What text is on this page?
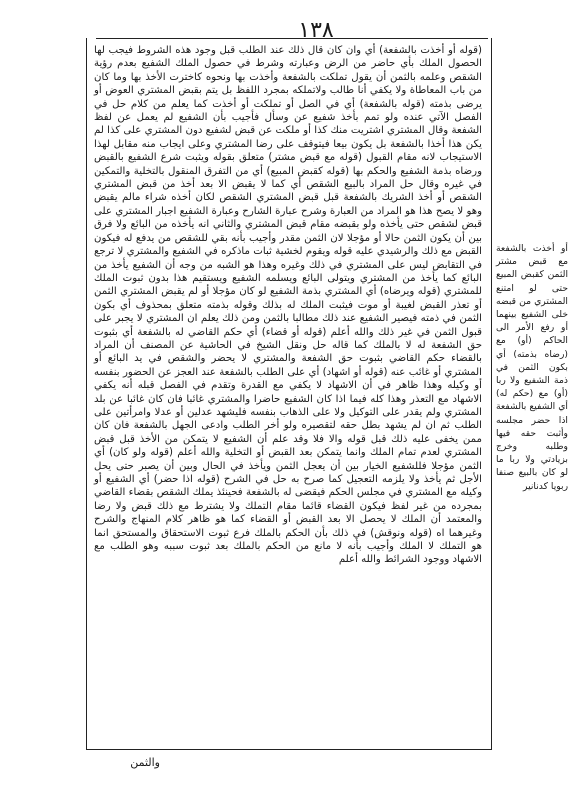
١٣٨

(قوله أو أخذت بالشفعة) أي وان كان قال ذلك عند الطلب قبل وجود هذه الشروط فيجب لها الحصول الملك بأي حاضر من الرض وعبارته وشرط في حصول الملك الشفيع بعدم رؤية الشقص وعلمه بالثمن أن يقول تملكت بالشفعة وأخذت بها ونحوه كاخترت الأخذ بها وما كان من باب المعاطاة ولا يكفي أنا طالب ولاتملكه بمجرد اللفظ بل يتم بقبض المشتري العوض أو يرضى بذمته (قوله بالشفعة) أي في الصل أو تملكت أو أخذت كما يعلم من كلام حل في الفصل الآتي عنده ولو تمم بأخذ شفيع عن وسأل فأجيب بأن الشفيع لم يعمل عن لفظ الشفعة وقال المشتري اشتريت منك كذا أو ملكت عن قبض لشفيع دون المشتري على كذا لم يكن هذا أخذا بالشفعة بل يكون بيعا فيتوقف على رضا المشتري وعلى ايجاب منه مقابل لهذا الاستيجاب لانه مقام القبول (قوله مع قبض مشتر) متعلق بقوله ويثبت شرع الشفيع بالقبض ورضاه بذمة الشفيع والحكم بها (قوله كقبض المبيع) أي من التفرق المنقول بالتخلية والتمكين في غيره وقال حل المراد بالبيع الشقص أي كما لا يقبض الا بعد أخذ من قبض المشتري الشقص أو أخذ الشريك بالشفعة قبل قبض المشتري الشقص لكان أخذه شراء مالم يقبض وهو لا يصح هذا هو المراد من العبارة وشرح عبارة الشارح وعبارة الشفيع اجبار المشتري على قبض لشقص حتى يأخذه ولو بقبضه مقام قبض المشتري والثاني انه يأخذه من البائع ولا فرق بين أن يكون الثمن حالا أو مؤجلا لان الثمن مقدر وأجيب بأنه بقي للشقص من يدفع له فيكون القبض مع ذلك والرشيدي عليه قوله ويقوم لخشية ثبات ماذكره في الشفيع والمشتري لا ترجع في التقابض ليس على المشتري في ذلك وغيره وهذا هو الشبه من وجه أن الشفيع يأخذ من البائع كما يأخذ من المشتري ويتولى البائع ويسلمه الشفيع ويستقيم هذا بدون ثبوت الملك للمشتري (قوله ويرضاه) أي المشتري بذمة الشفيع لو كان مؤجلا أو لم يقبض المشتري الثمن أو تعذر القبض لغيبة أو موت فيثبت الملك له بذلك وقوله بذمته متعلق بمحذوف أي بكون الثمن في ذمته فيصير الشفيع عند ذلك مطالبا بالثمن ومن ذلك يعلم ان المشتري لا يجبر على قبول الثمن في غير ذلك والله أعلم (قوله أو قضاء) أي حكم القاضي له بالشفعة أي بثبوت حق الشفعة له لا بالملك كما قاله حل ونقل الشيخ في الحاشية عن المصنف أن المراد بالقضاء حكم القاضي بثبوت حق الشفعة والمشتري لا يحضر والشقص في يد البائع أو المشتري أو غائب عنه (قوله أو اشهاد) أي على الطلب بالشفعة عند العجز عن الحضور بنفسه أو وكيله وهذا ظاهر في أن الاشهاد لا يكفي مع القدرة وتقدم في الفصل قبله أنه يكفي الاشهاد مع التعذر وهذا كله فيما اذا كان الشفيع حاضرا والمشتري غائبا فان كان غائبا عن بلد المشتري ولم يقدر على التوكيل ولا على الذهاب بنفسه فليشهد عدلين أو عدلا وامرأتين على الطلب ثم ان لم يشهد بطل حقه لتقصيره ولو أخر الطلب وادعى الجهل بالشفعة فان كان ممن يخفى عليه ذلك قبل قوله والا فلا وقد علم أن الشفيع لا يتمكن من الأخذ قبل قبض المشتري لعدم تمام الملك وانما يتمكن بعد القبض أو التخلية والله أعلم (قوله ولو كان) أي الثمن مؤجلا فللشفيع الخيار بين أن يعجل الثمن ويأخذ في الحال وبين أن يصبر حتى يحل الأجل ثم يأخذ ولا يلزمه التعجيل كما صرح به حل في الشرح (قوله اذا حضر) أي الشفيع أو وكيله مع المشتري في مجلس الحكم فيقضى له بالشفعة فحينئذ يملك الشقص بقضاء القاضي بمجرده من غير لفظ فيكون القضاء قائما مقام التملك ولا يشترط مع ذلك قبض ولا رضا والمعتمد أن الملك لا يحصل الا بعد القبض أو القضاء كما هو ظاهر كلام المنهاج والشرح وغيرهما اه (قوله ونوقش) في ذلك بأن الحكم بالملك فرع ثبوت الاستحقاق والمستحق انما هو التملك لا الملك وأجيب بأنه لا مانع من الحكم بالملك بعد ثبوت سببه وهو الطلب مع الاشهاد ووجود الشرائط والله أعلم

أو أخذت بالشفعة مع قبض مشتر الثمن كقبض المبيع حتى لو امتنع المشتري من قبضه خلى الشفيع بينهما أو رفع الأمر الى الحاكم (أو) مع (رضاه بذمته) أي بكون الثمن في ذمة الشفيع ولا ربا (أو) مع (حكم له) أي الشفيع بالشفعة اذا حضر مجلسه وأثبت حقه فيها وطلبه وخرج بزيادتي ولا ربا ما لو كان بالبيع صنفا ربويا كدنانير

والثمن
